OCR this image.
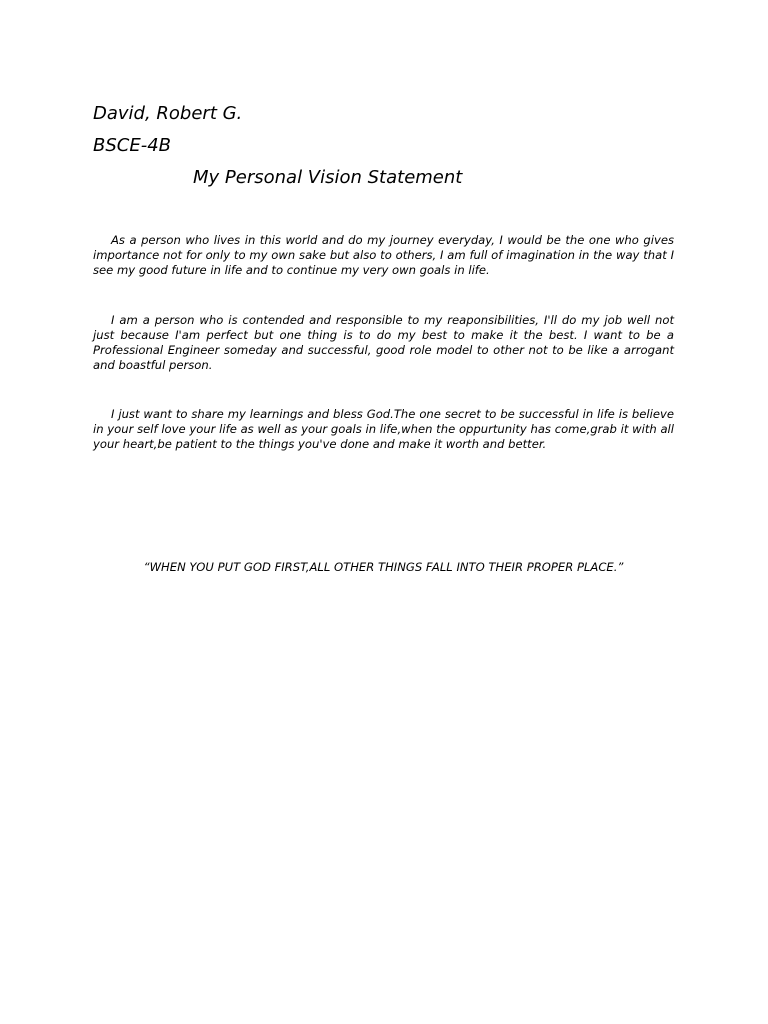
David, Robert G.

BSCE-4B

My Personal Vision Statement

As a person who lives in this world and do my journey everyday, I would be the one who gives importance not for only to my own sake but also to others, I am full of imagination in the way that I see my good future in life and to continue my very own goals in life.

I am a person who is contended and responsible to my reaponsibilities, I'll do my job well not just because I'am perfect but one thing is to do my best to make it the best. I want to be a Professional Engineer someday and successful, good role model to other not to be like a arrogant and boastful person.

I just want to share my learnings and bless God.The one secret to be successful in life is believe in your self love your life as well as your goals in life,when the oppurtunity has come,grab it with all your heart,be patient to the things you've done and make it worth and better.

“WHEN YOU PUT GOD FIRST,ALL OTHER THINGS FALL INTO THEIR PROPER PLACE.”
